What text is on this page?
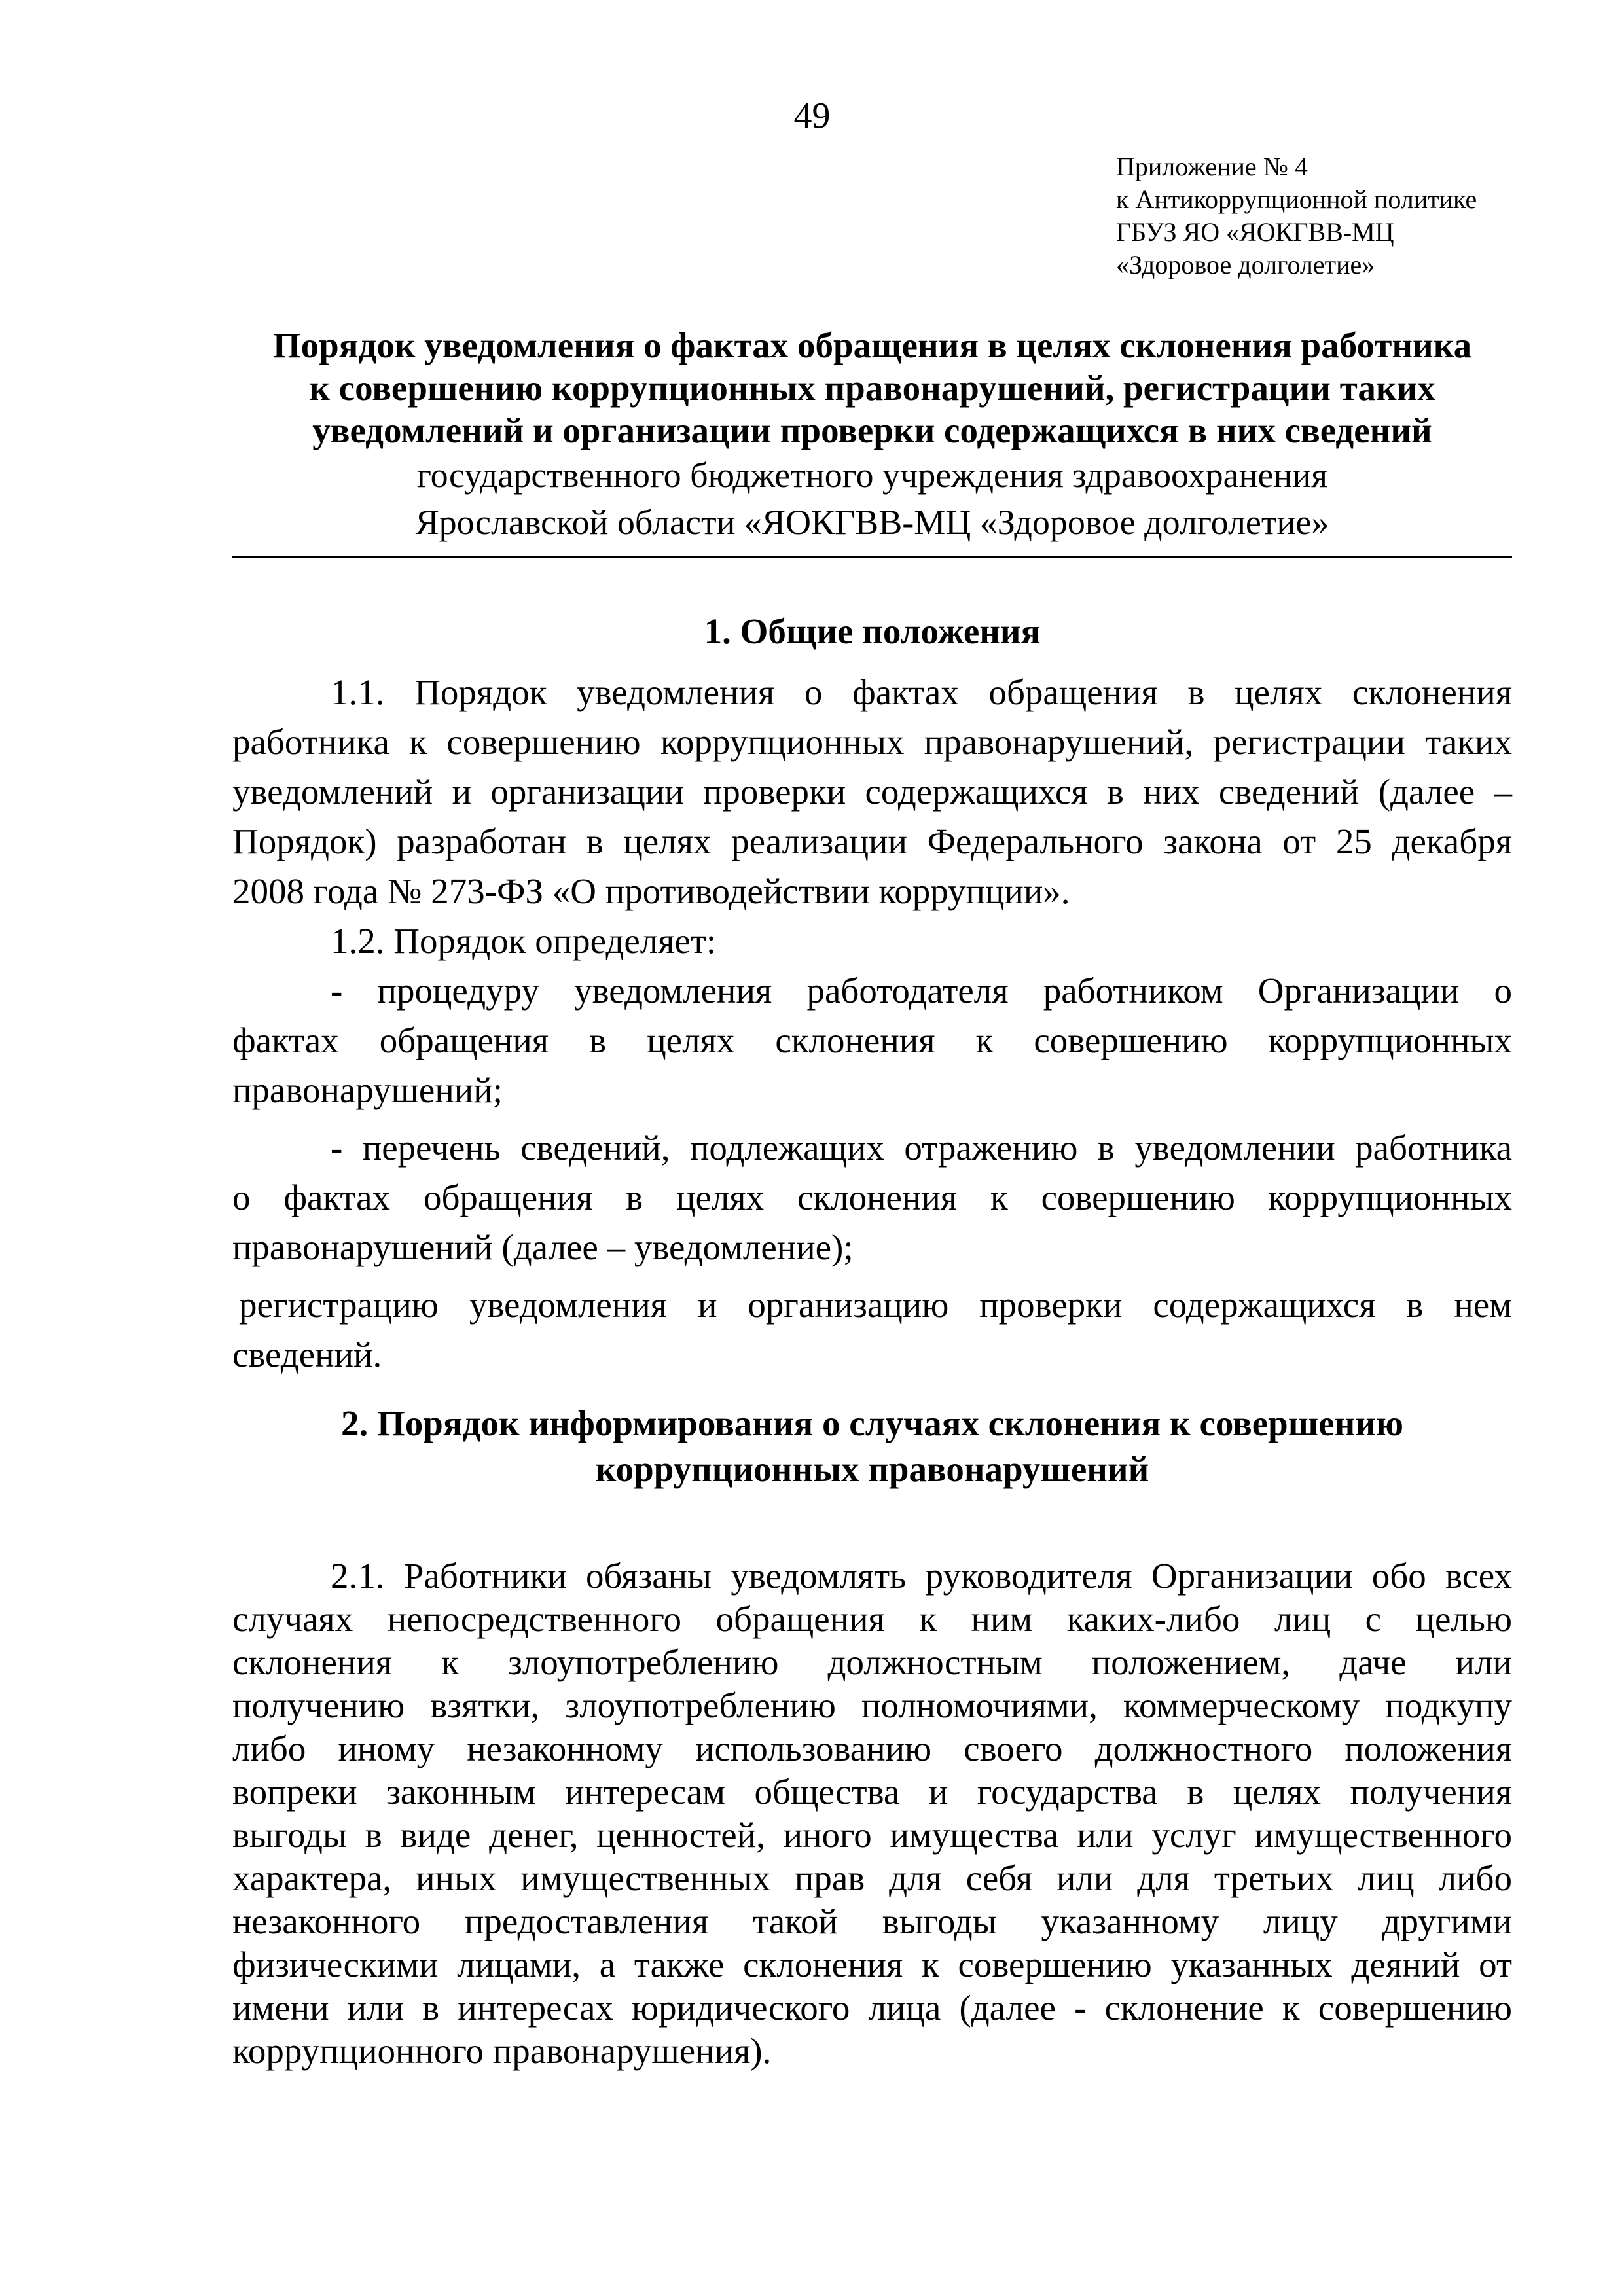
49
Приложение № 4
к Антикоррупционной политике
ГБУЗ ЯО «ЯОКГВВ-МЦ
«Здоровое долголетие»
Порядок уведомления о фактах обращения в целях склонения работника
к совершению коррупционных правонарушений, регистрации таких
уведомлений и организации проверки содержащихся в них сведений
государственного бюджетного учреждения здравоохранения
Ярославской области «ЯОКГВВ-МЦ «Здоровое долголетие»
1. Общие положения
1.1. Порядок уведомления о фактах обращения в целях склонения
работника к совершению коррупционных правонарушений, регистрации таких
уведомлений и организации проверки содержащихся в них сведений (далее –
Порядок) разработан в целях реализации Федерального закона от 25 декабря
2008 года № 273-ФЗ «О противодействии коррупции».
1.2. Порядок определяет:
- процедуру уведомления работодателя работником Организации о
фактах обращения в целях склонения к совершению коррупционных
правонарушений;
- перечень сведений, подлежащих отражению в уведомлении работника
о фактах обращения в целях склонения к совершению коррупционных
правонарушений (далее – уведомление);
регистрацию уведомления и организацию проверки содержащихся в нем
сведений.
2. Порядок информирования о случаях склонения к совершению
коррупционных правонарушений
2.1. Работники обязаны уведомлять руководителя Организации обо всех
случаях непосредственного обращения к ним каких-либо лиц с целью
склонения к злоупотреблению должностным положением, даче или
получению взятки, злоупотреблению полномочиями, коммерческому подкупу
либо иному незаконному использованию своего должностного положения
вопреки законным интересам общества и государства в целях получения
выгоды в виде денег, ценностей, иного имущества или услуг имущественного
характера, иных имущественных прав для себя или для третьих лиц либо
незаконного предоставления такой выгоды указанному лицу другими
физическими лицами, а также склонения к совершению указанных деяний от
имени или в интересах юридического лица (далее - склонение к совершению
коррупционного правонарушения).
